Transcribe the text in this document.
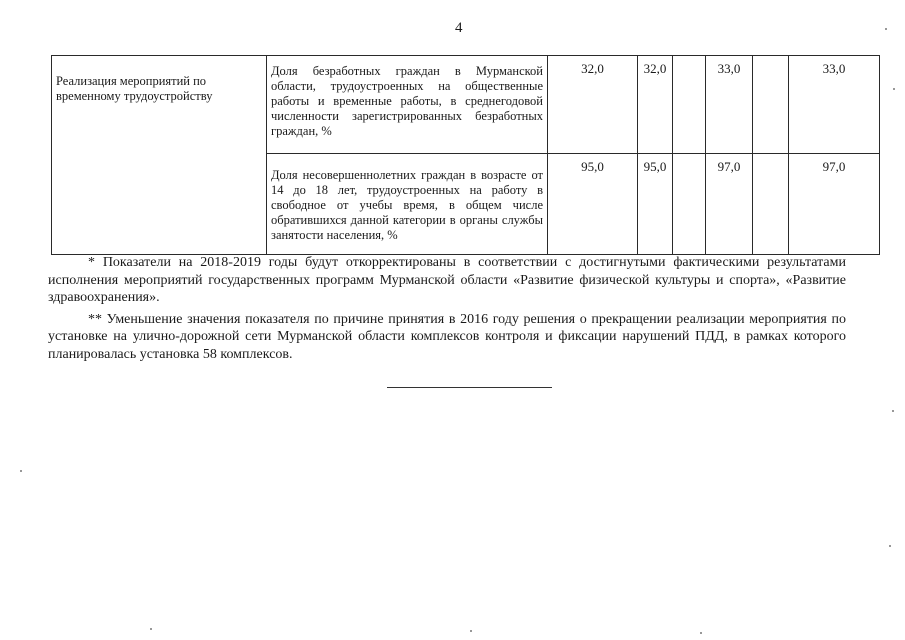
4
Реализация мероприятий по временному трудоустройству	Доля безработных граждан в Мурманской области, трудоустроенных на общественные работы и временные работы, в среднегодовой численности зарегистрированных безработных граждан, %	32,0	32,0		33,0		33,0
	Доля несовершеннолетних граждан в возрасте от 14 до 18 лет, трудоустроенных на работу в свободное от учебы время, в общем числе обратившихся данной категории в органы службы занятости населения, %	95,0	95,0		97,0		97,0

* Показатели на 2018-2019 годы будут откорректированы в соответствии с достигнутыми фактическими результатами исполнения мероприятий государственных программ Мурманской области «Развитие физической культуры и спорта», «Развитие здравоохранения».

** Уменьшение значения показателя по причине принятия в 2016 году решения о прекращении реализации мероприятия по установке на улично-дорожной сети Мурманской области комплексов контроля и фиксации нарушений ПДД, в рамках которого планировалась установка 58 комплексов.
